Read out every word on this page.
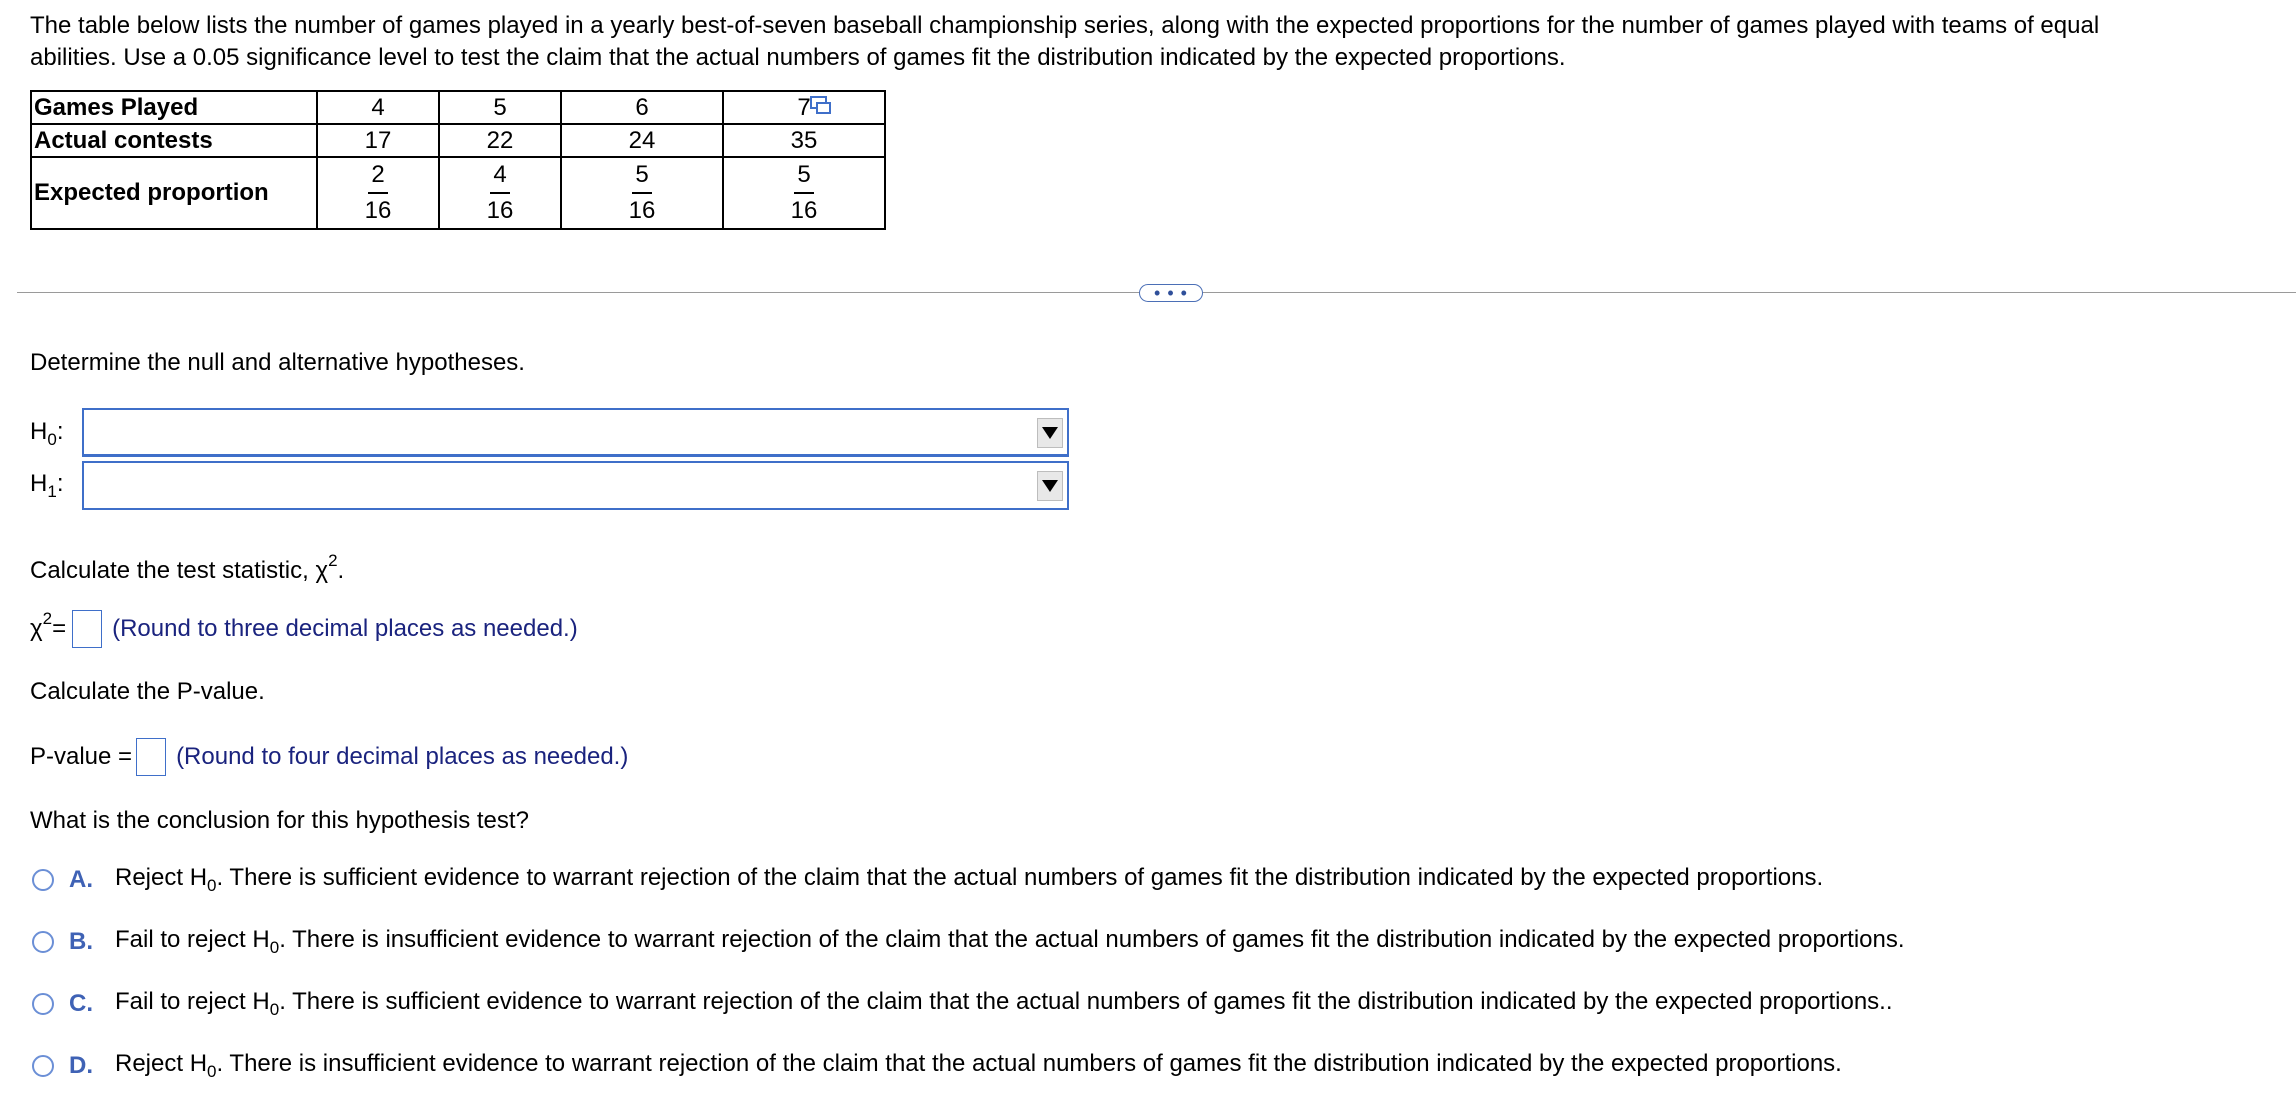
The table below lists the number of games played in a yearly best-of-seven baseball championship series, along with the expected proportions for the number of games played with teams of equal
abilities. Use a 0.05 significance level to test the claim that the actual numbers of games fit the distribution indicated by the expected proportions.
Games Played	4	5	6	7
Actual contests	17	22	24	35
Expected proportion	$\frac{2}{16}$	$\frac{4}{16}$	$\frac{5}{16}$	$\frac{5}{16}$
• • •
Determine the null and alternative hypotheses.
$H_0$:
$H_1$:
Calculate the test statistic, $\chi^2$.
$\chi^2$ = (Round to three decimal places as needed.)
Calculate the P-value.
P-value = (Round to four decimal places as needed.)
What is the conclusion for this hypothesis test?
A. Reject $H_0$. There is sufficient evidence to warrant rejection of the claim that the actual numbers of games fit the distribution indicated by the expected proportions.
B. Fail to reject $H_0$. There is insufficient evidence to warrant rejection of the claim that the actual numbers of games fit the distribution indicated by the expected proportions.
C. Fail to reject $H_0$. There is sufficient evidence to warrant rejection of the claim that the actual numbers of games fit the distribution indicated by the expected proportions..
D. Reject $H_0$. There is insufficient evidence to warrant rejection of the claim that the actual numbers of games fit the distribution indicated by the expected proportions.
